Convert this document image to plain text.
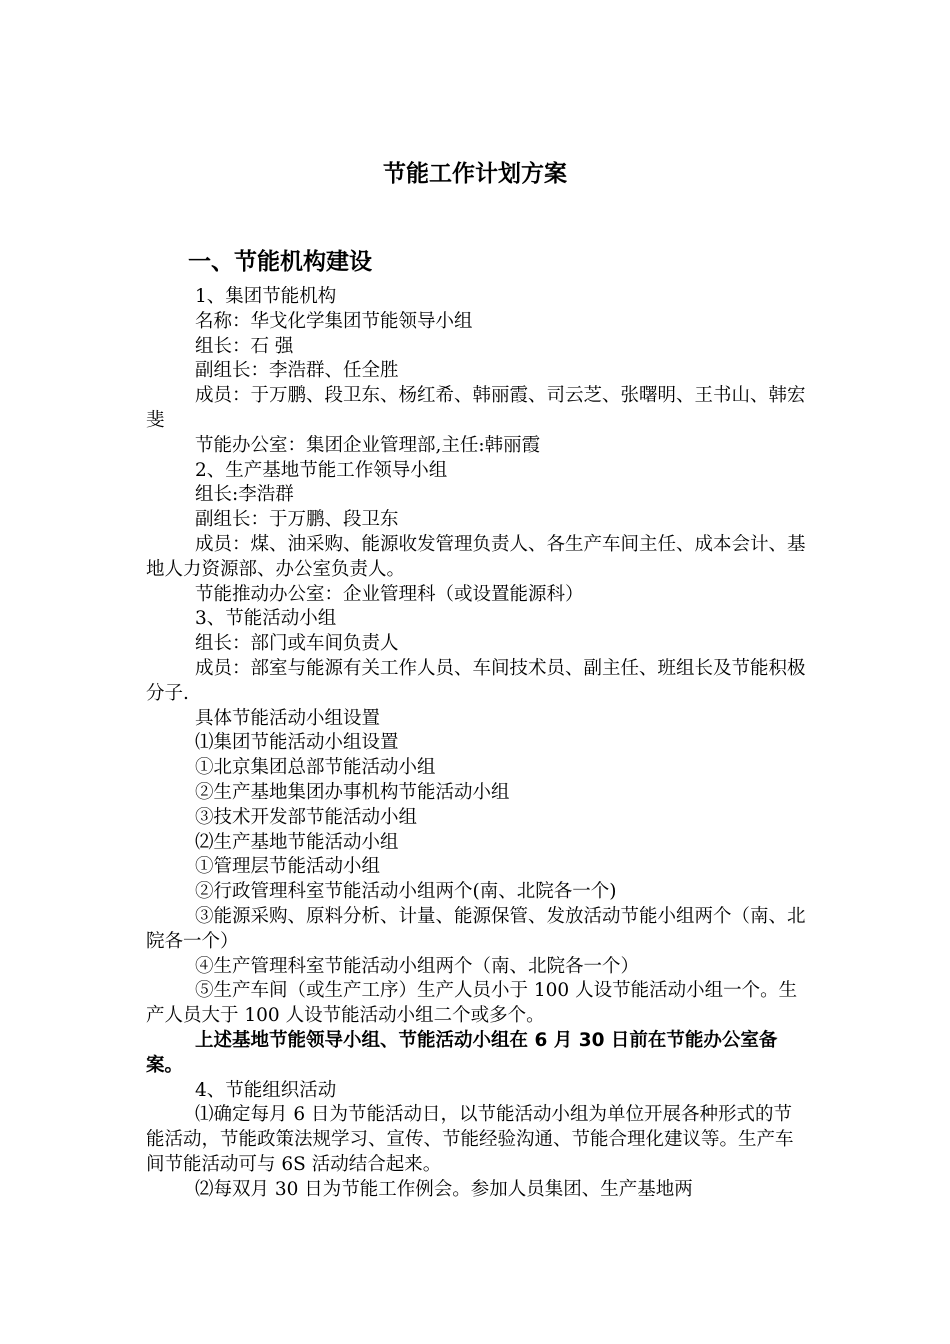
节能工作计划方案
一、节能机构建设

1、集团节能机构

名称：华戈化学集团节能领导小组

组长：石 强

副组长：李浩群、任全胜

成员：于万鹏、段卫东、杨红希、韩丽霞、司云芝、张曙明、王书山、韩宏斐

节能办公室：集团企业管理部,主任:韩丽霞

2、生产基地节能工作领导小组

组长:李浩群

副组长：于万鹏、段卫东

成员：煤、油采购、能源收发管理负责人、各生产车间主任、成本会计、基地人力资源部、办公室负责人。

节能推动办公室：企业管理科（或设置能源科）

3、节能活动小组

组长：部门或车间负责人

成员：部室与能源有关工作人员、车间技术员、副主任、班组长及节能积极分子.

具体节能活动小组设置

⑴集团节能活动小组设置

①北京集团总部节能活动小组

②生产基地集团办事机构节能活动小组

③技术开发部节能活动小组

⑵生产基地节能活动小组

①管理层节能活动小组

②行政管理科室节能活动小组两个(南、北院各一个)

③能源采购、原料分析、计量、能源保管、发放活动节能小组两个（南、北院各一个）

④生产管理科室节能活动小组两个（南、北院各一个）

⑤生产车间（或生产工序）生产人员小于 100 人设节能活动小组一个。生产人员大于 100 人设节能活动小组二个或多个。

上述基地节能领导小组、节能活动小组在 6 月 30 日前在节能办公室备案。

4、节能组织活动

⑴确定每月 6 日为节能活动日，以节能活动小组为单位开展各种形式的节能活动，节能政策法规学习、宣传、节能经验沟通、节能合理化建议等。生产车间节能活动可与 6S 活动结合起来。

⑵每双月 30 日为节能工作例会。参加人员集团、生产基地两
